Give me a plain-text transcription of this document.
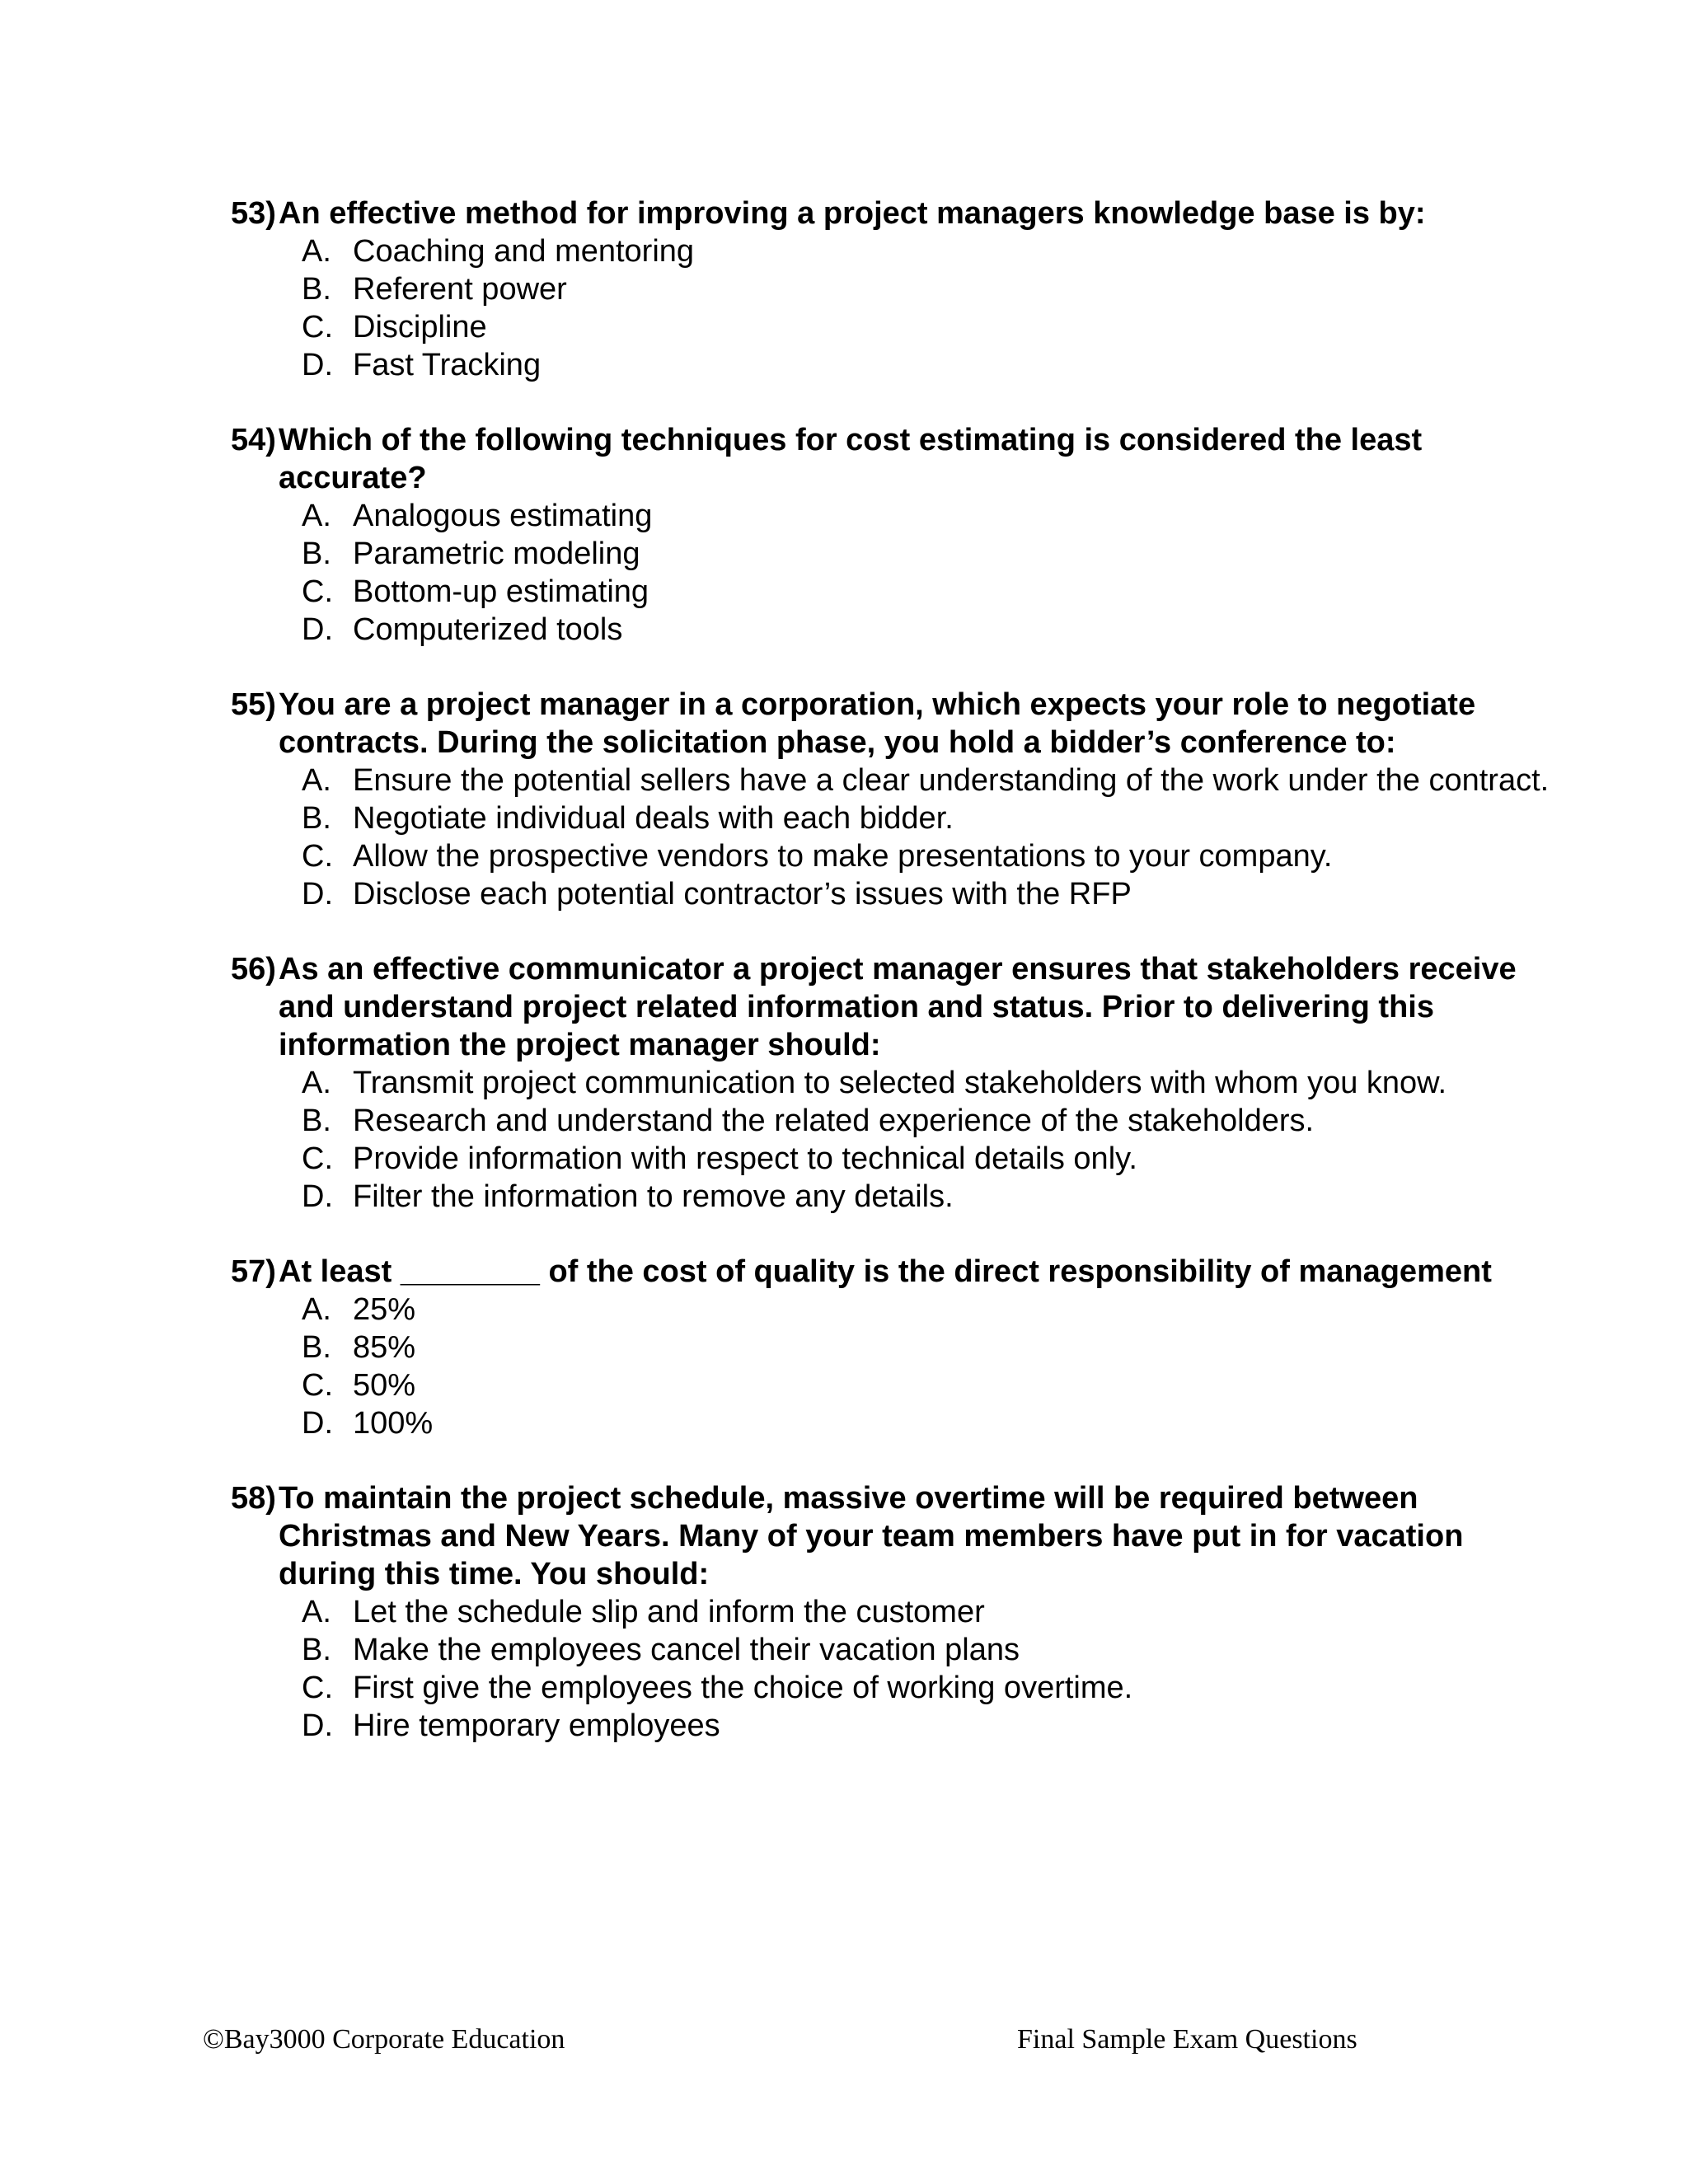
53) An effective method for improving a project managers knowledge base is by:
A. Coaching and mentoring
B. Referent power
C. Discipline
D. Fast Tracking
54) Which of the following techniques for cost estimating is considered the least accurate?
A. Analogous estimating
B. Parametric modeling
C. Bottom-up estimating
D. Computerized tools
55) You are a project manager in a corporation, which expects your role to negotiate contracts. During the solicitation phase, you hold a bidder’s conference to:
A. Ensure the potential sellers have a clear understanding of the work under the contract.
B. Negotiate individual deals with each bidder.
C. Allow the prospective vendors to make presentations to your company.
D. Disclose each potential contractor’s issues with the RFP
56) As an effective communicator a project manager ensures that stakeholders receive and understand project related information and status. Prior to delivering this information the project manager should:
A. Transmit project communication to selected stakeholders with whom you know.
B. Research and understand the related experience of the stakeholders.
C. Provide information with respect to technical details only.
D. Filter the information to remove any details.
57) At least ________ of the cost of quality is the direct responsibility of management
A. 25%
B. 85%
C. 50%
D. 100%
58) To maintain the project schedule, massive overtime will be required between Christmas and New Years. Many of your team members have put in for vacation during this time. You should:
A. Let the schedule slip and inform the customer
B. Make the employees cancel their vacation plans
C. First give the employees the choice of working overtime.
D. Hire temporary employees
©Bay3000 Corporate Education	Final Sample Exam Questions
